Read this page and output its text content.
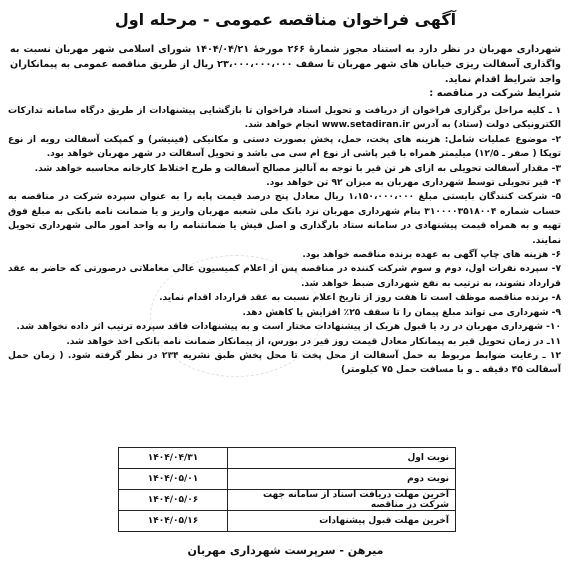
آگهی فراخوان مناقصه عمومی - مرحله اول
شهرداری مهربان در نظر دارد به استناد مجوز شمارهٔ ۲۶۶ مورخهٔ ۱۴۰۴/۰۴/۲۱ شورای اسلامی شهر مهربان نسبت به واگذاری آسفالت ریزی خیابان های شهر مهربان تا سقف ۲۳،۰۰۰،۰۰۰،۰۰۰ ریال از طریق مناقصه عمومی به پیمانکاران واجد شرایط اقدام نماید.
شرایط شرکت در مناقصه :
۱ ـ کلیه مراحل برگزاری فراخوان از دریافت و تحویل اسناد فراخوان تا بازگشایی پیشنهادات از طریق درگاه سامانه تدارکات الکترونیکی دولت (ستاد) به آدرس www.setadiran.ir انجام خواهد شد.
۲- موضوع عملیات شامل: هزینه های پخت، حمل، پخش بصورت دستی و مکانیکی (فینیشر) و کمپکت آسفالت رویه از نوع توپکا ( صفر ـ ۱۲/۵) میلیمتر همراه با قیر پاشی از نوع ام سی می باشد و تحویل آسفالت در شهر مهربان خواهد بود.
۳- مقدار آسفالت تحویلی به ازای هر تن قیر با توجه به آنالیز مصالح آسفالت و طرح اختلاط کارخانه محاسبه خواهد شد.
۴- قیر تحویلی توسط شهرداری مهربان به میزان ۹۲ تن خواهد بود.
۵- شرکت کنندگان بایستی مبلغ ۱،۱۵۰،۰۰۰،۰۰۰ ریال معادل پنج درصد قیمت پایه را به عنوان سپرده شرکت در مناقصه به حساب شماره ۳۱۰۰۰۰۳۵۱۸۰۰۴ بنام شهرداری مهربان نزد بانک ملی شعبه مهربان واریز و یا ضمانت نامه بانکی به مبلغ فوق تهیه و به همراه قیمت پیشنهادی در سامانه ستاد بارگذاری و اصل فیش یا ضمانتنامه را به واحد امور مالی شهرداری تحویل نمایند.
۶- هزینه های چاپ آگهی به عهده برنده مناقصه خواهد بود.
۷- سپرده نفرات اول، دوم و سوم شرکت کننده در مناقصه پس از اعلام کمیسیون عالی معاملاتی درصورتی که حاضر به عقد قرارداد نشوند، به ترتیب به نفع شهرداری ضبط خواهد شد.
۸- برنده مناقصه موظف است تا هفت روز از تاریخ اعلام نسبت به عقد قرارداد اقدام نماید.
۹- شهرداری می تواند مبلغ پیمان را تا سقف ۲۵٪ افزایش یا کاهش دهد.
۱۰- شهرداری مهربان در رد یا قبول هریک از پیشنهادات مختار است و به پیشنهادات فاقد سپرده ترتیب اثر داده نخواهد شد.
۱۱ـ در زمان تحویل قیر به پیمانکار معادل قیمت روز قیر در بورس، از پیمانکار ضمانت نامه بانکی اخذ خواهد شد.
۱۲ ـ رعایت ضوابط مربوط به حمل آسفالت از محل پخت تا محل پخش طبق نشریه ۲۳۴ در نظر گرفته شود. ( زمان حمل آسفالت ۴۵ دقیقه ـ و با مسافت حمل ۷۵ کیلومتر)
نوبت اول	۱۴۰۴/۰۴/۳۱
نوبت دوم	۱۴۰۴/۰۵/۰۱
آخرین مهلت دریافت اسناد از سامانه جهت شرکت در مناقصه	۱۴۰۴/۰۵/۰۶
آخرین مهلت قبول پیشنهادات	۱۴۰۴/۰۵/۱۶
میرهن - سرپرست شهرداری مهربان
